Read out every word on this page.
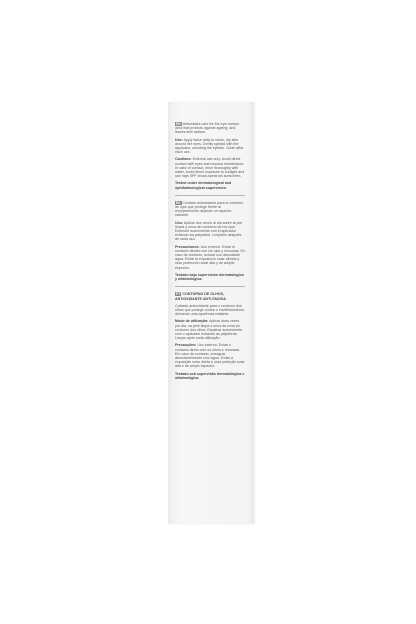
EN Antioxidant care for the eye contour area that protects against ageing, and leaves skin radiant.

Use: Apply twice daily to clean, dry skin around the eyes. Gently spread with the applicator, avoiding the eyelids. Clean after each use.

Cautions: External use only. Avoid direct contact with eyes and mucous membranes. In case of contact, rinse thoroughly with water. Avoid direct exposure to sunlight and use high SPF broad-spectrum sunscreen.

Tested under dermatological and ophthalmological supervision.

ES Cuidado antioxidante para el contorno de ojos que protege frente al envejecimiento dejando un aspecto radiante.

Uso: Aplicar dos veces al día sobre la piel limpia y seca del contorno de los ojos. Extender suavemente con el aplicador evitando los párpados. Limpiarlo después de cada uso.

Precauciones: Uso externo. Evitar el contacto directo con los ojos y mucosas. En caso de contacto, aclarar con abundante agua. Evitar la exposición solar directa y usar protección solar alta y de amplio espectro.

Testado bajo supervisión dermatológica y oftalmológica.

PT CONTORNO DE OLHOS, ANTIOXIDANTE ANTI-FADIGA

Cuidado antioxidante para o contorno dos olhos que protege contra o envelhecimento, deixando uma aparência radiante.

Modo de utilização: Aplicar duas vezes por dia, na pele limpa e seca da zona do contorno dos olhos. Espalhar suavemente com o aplicador evitando as pálpebras. Limpar após cada utilização.

Precauções: Uso externo. Evitar o contacto direto com os olhos e mucosas. Em caso de contacto, enxaguar abundantemente com água. Evitar a exposição solar direta e usar proteção solar alta e de amplo espectro.

Testado sob supervisão dermatológica e oftalmológica.
